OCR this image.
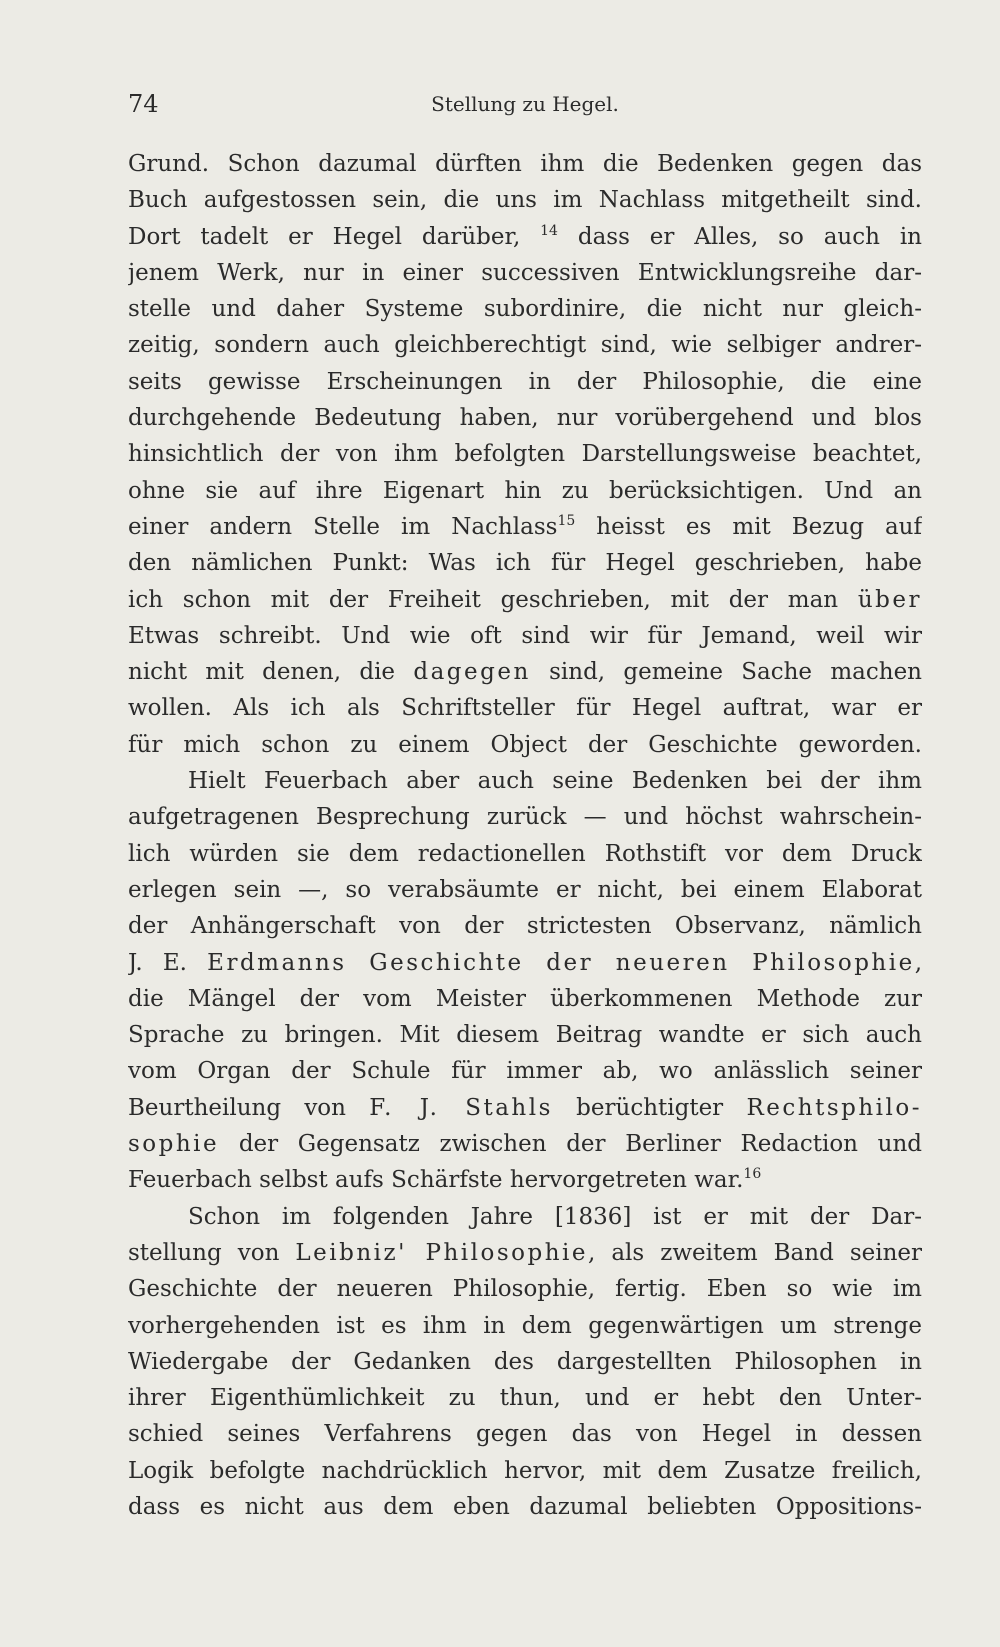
74	Stellung zu Hegel.
Grund. Schon dazumal dürften ihm die Bedenken gegen das
Buch aufgestossen sein, die uns im Nachlass mitgetheilt sind.
Dort tadelt er Hegel darüber, $^{14}$ dass er Alles, so auch in
jenem Werk, nur in einer successiven Entwicklungsreihe dar-
stelle und daher Systeme subordinire, die nicht nur gleich-
zeitig, sondern auch gleichberechtigt sind, wie selbiger andrer-
seits gewisse Erscheinungen in der Philosophie, die eine
durchgehende Bedeutung haben, nur vorübergehend und blos
hinsichtlich der von ihm befolgten Darstellungsweise beachtet,
ohne sie auf ihre Eigenart hin zu berücksichtigen. Und an
einer andern Stelle im Nachlass$^{15}$ heisst es mit Bezug auf
den nämlichen Punkt: Was ich für Hegel geschrieben, habe
ich schon mit der Freiheit geschrieben, mit der man über
Etwas schreibt. Und wie oft sind wir für Jemand, weil wir
nicht mit denen, die dagegen sind, gemeine Sache machen
wollen. Als ich als Schriftsteller für Hegel auftrat, war er
für mich schon zu einem Object der Geschichte geworden.
Hielt Feuerbach aber auch seine Bedenken bei der ihm
aufgetragenen Besprechung zurück — und höchst wahrschein-
lich würden sie dem redactionellen Rothstift vor dem Druck
erlegen sein —, so verabsäumte er nicht, bei einem Elaborat
der Anhängerschaft von der strictesten Observanz, nämlich
J. E. Erdmanns Geschichte der neueren Philosophie,
die Mängel der vom Meister überkommenen Methode zur
Sprache zu bringen. Mit diesem Beitrag wandte er sich auch
vom Organ der Schule für immer ab, wo anlässlich seiner
Beurtheilung von F. J. Stahls berüchtigter Rechtsphilo-
sophie der Gegensatz zwischen der Berliner Redaction und
Feuerbach selbst aufs Schärfste hervorgetreten war.$^{16}$
Schon im folgenden Jahre [1836] ist er mit der Dar-
stellung von Leibniz' Philosophie, als zweitem Band seiner
Geschichte der neueren Philosophie, fertig. Eben so wie im
vorhergehenden ist es ihm in dem gegenwärtigen um strenge
Wiedergabe der Gedanken des dargestellten Philosophen in
ihrer Eigenthümlichkeit zu thun, und er hebt den Unter-
schied seines Verfahrens gegen das von Hegel in dessen
Logik befolgte nachdrücklich hervor, mit dem Zusatze freilich,
dass es nicht aus dem eben dazumal beliebten Oppositions-
